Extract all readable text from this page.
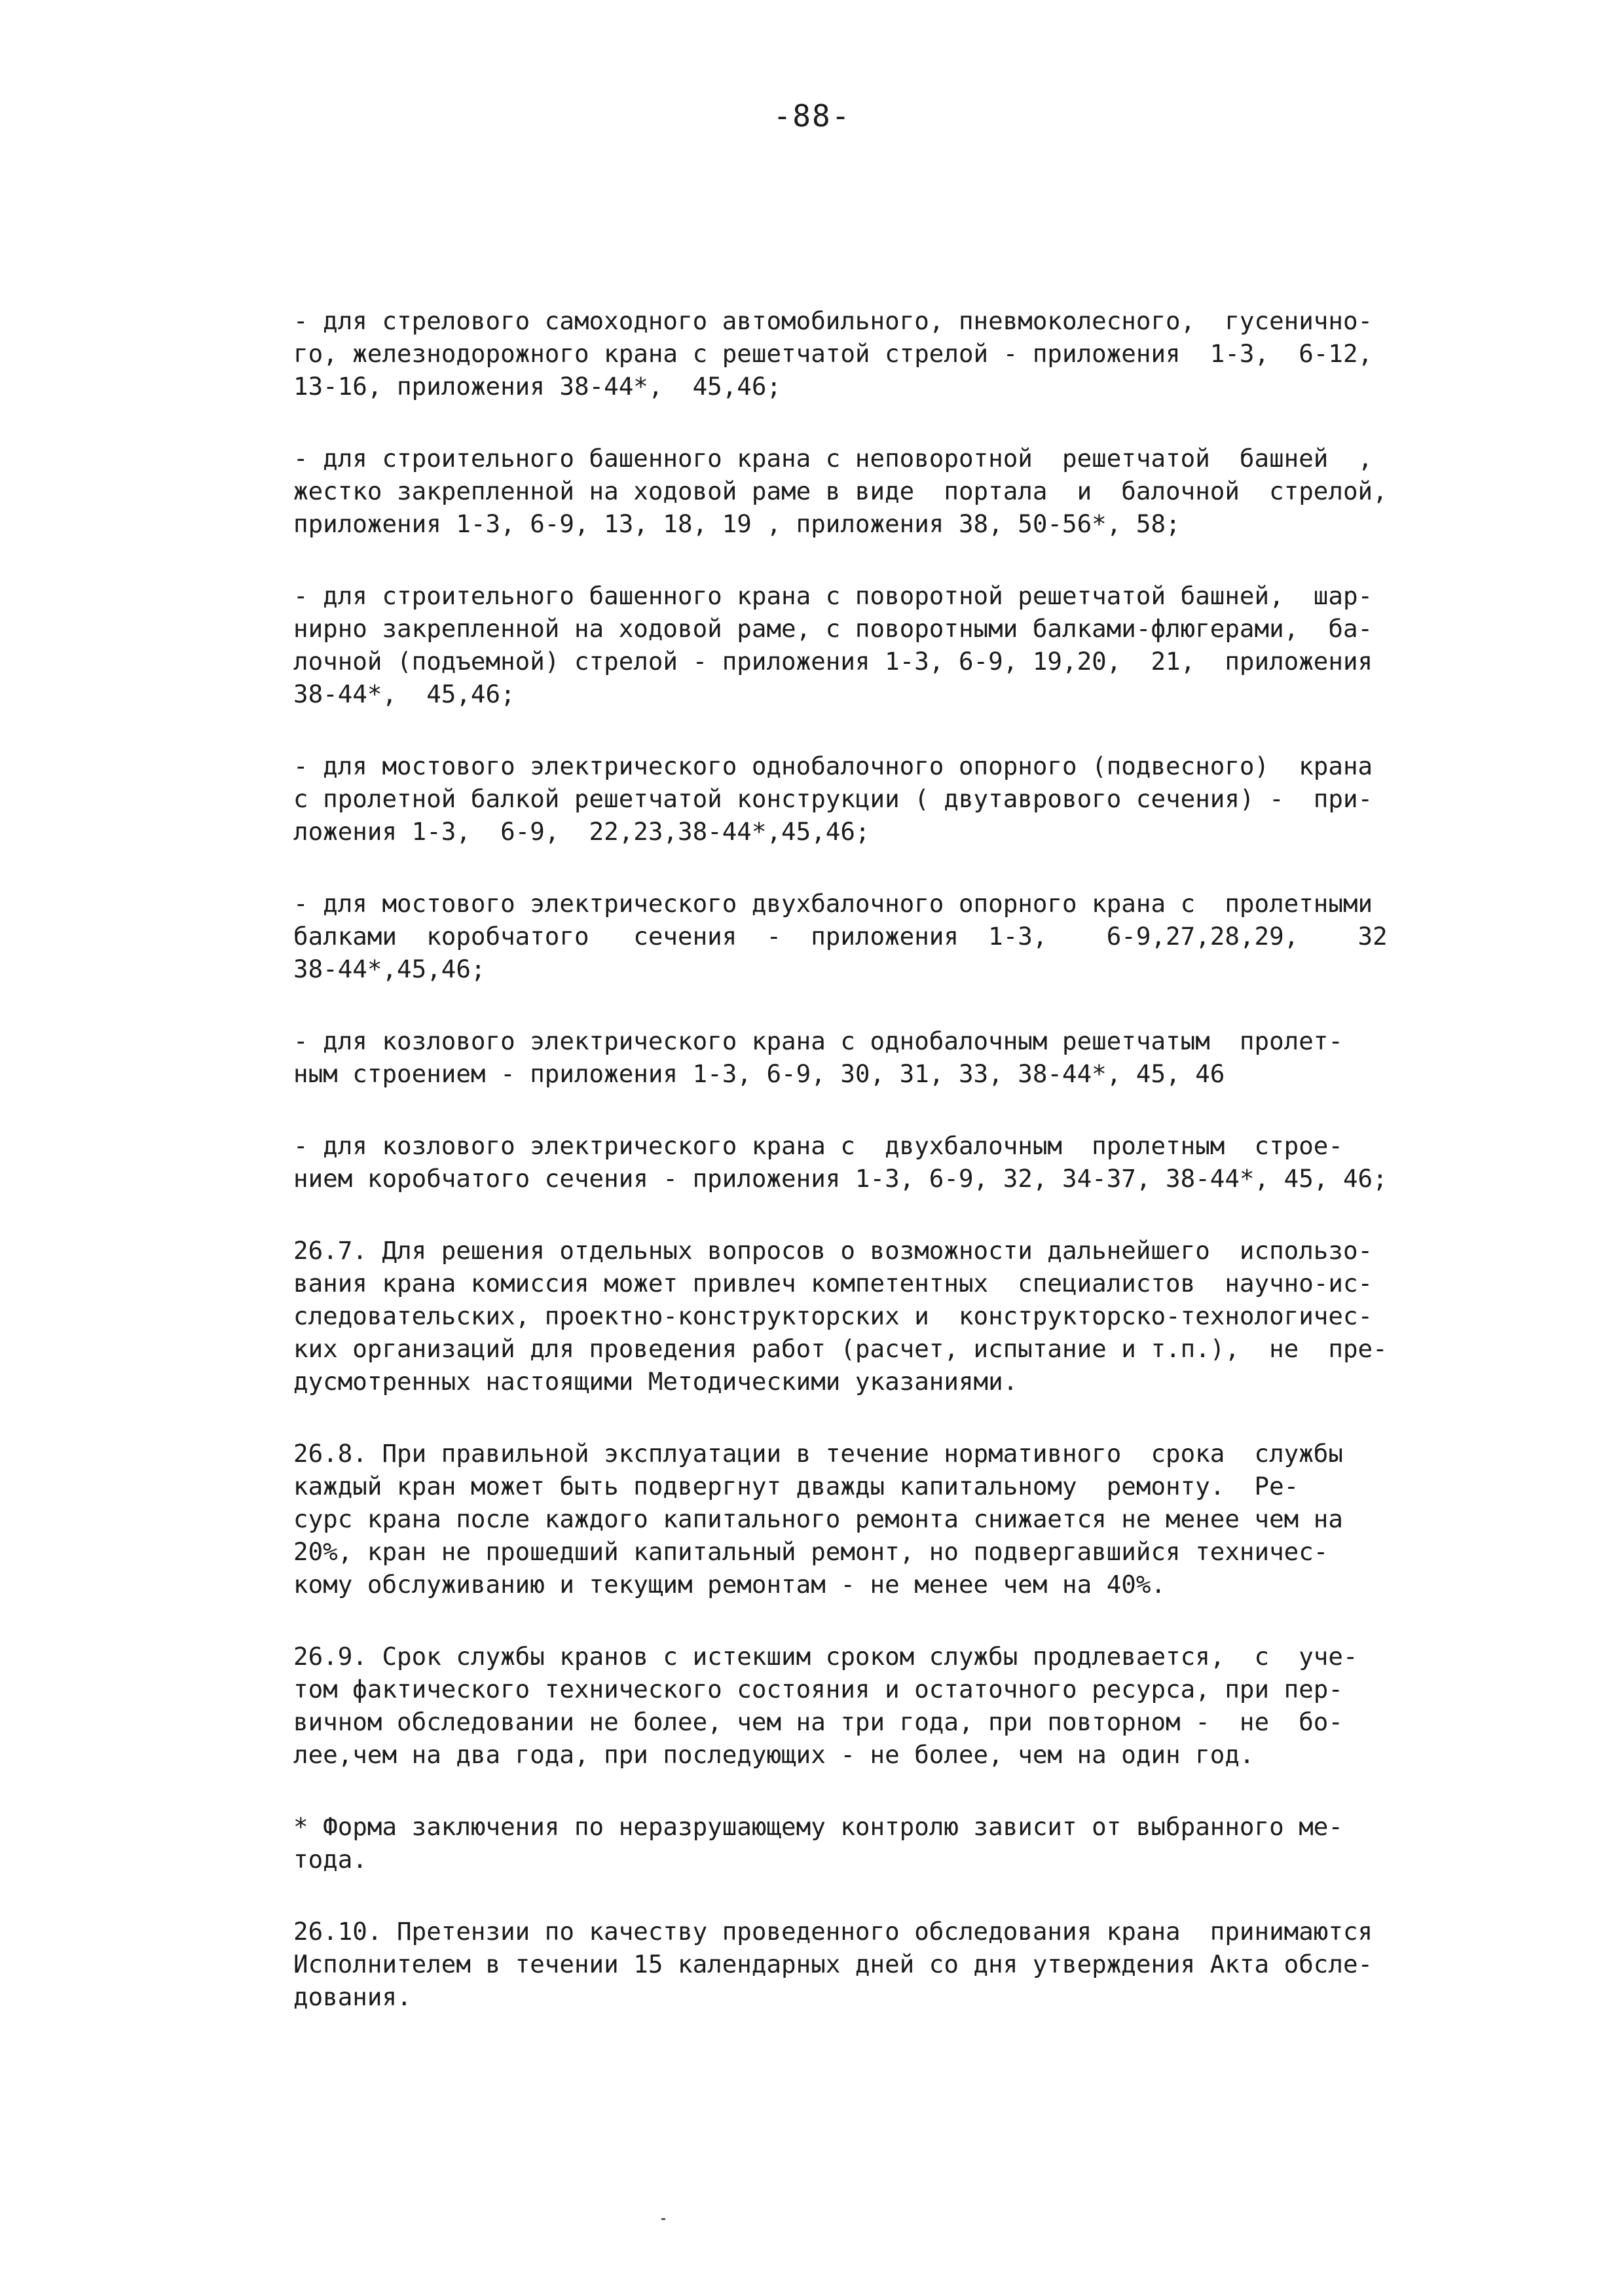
-88-
- для стрелового самоходного автомобильного, пневмоколесного,  гусенично-
го, железнодорожного крана с решетчатой стрелой - приложения  1-3,  6-12,
13-16, приложения 38-44*,  45,46;
- для строительного башенного крана с неповоротной  решетчатой  башней  ,
жестко закрепленной на ходовой раме в виде  портала  и  балочной  стрелой,
приложения 1-3, 6-9, 13, 18, 19 , приложения 38, 50-56*, 58;
- для строительного башенного крана с поворотной решетчатой башней,  шар-
нирно закрепленной на ходовой раме, с поворотными балками-флюгерами,  ба-
лочной (подъемной) стрелой - приложения 1-3, 6-9, 19,20,  21,  приложения
38-44*,  45,46;
- для мостового электрического однобалочного опорного (подвесного)  крана
с пролетной балкой решетчатой конструкции ( двутаврового сечения) -  при-
ложения 1-3,  6-9,  22,23,38-44*,45,46;
- для мостового электрического двухбалочного опорного крана с  пролетными
балками  коробчатого   сечения  -  приложения  1-3,    6-9,27,28,29,    32
38-44*,45,46;
- для козлового электрического крана с однобалочным решетчатым  пролет-
ным строением - приложения 1-3, 6-9, 30, 31, 33, 38-44*, 45, 46
- для козлового электрического крана с  двухбалочным  пролетным  строе-
нием коробчатого сечения - приложения 1-3, 6-9, 32, 34-37, 38-44*, 45, 46;
26.7. Для решения отдельных вопросов о возможности дальнейшего  использо-
вания крана комиссия может привлеч компетентных  специалистов  научно-ис-
следовательских, проектно-конструкторских и  конструкторско-технологичес-
ких организаций для проведения работ (расчет, испытание и т.п.),  не  пре-
дусмотренных настоящими Методическими указаниями.
26.8. При правильной эксплуатации в течение нормативного  срока  службы
каждый кран может быть подвергнут дважды капитальному  ремонту.  Ре-
сурс крана после каждого капитального ремонта снижается не менее чем на
20%, кран не прошедший капитальный ремонт, но подвергавшийся техничес-
кому обслуживанию и текущим ремонтам - не менее чем на 40%.
26.9. Срок службы кранов с истекшим сроком службы продлевается,  с  уче-
том фактического технического состояния и остаточного ресурса, при пер-
вичном обследовании не более, чем на три года, при повторном -  не  бо-
лее,чем на два года, при последующих - не более, чем на один год.
* Форма заключения по неразрушающему контролю зависит от выбранного ме-
тода.
26.10. Претензии по качеству проведенного обследования крана  принимаются
Исполнителем в течении 15 календарных дней со дня утверждения Акта обсле-
дования.
